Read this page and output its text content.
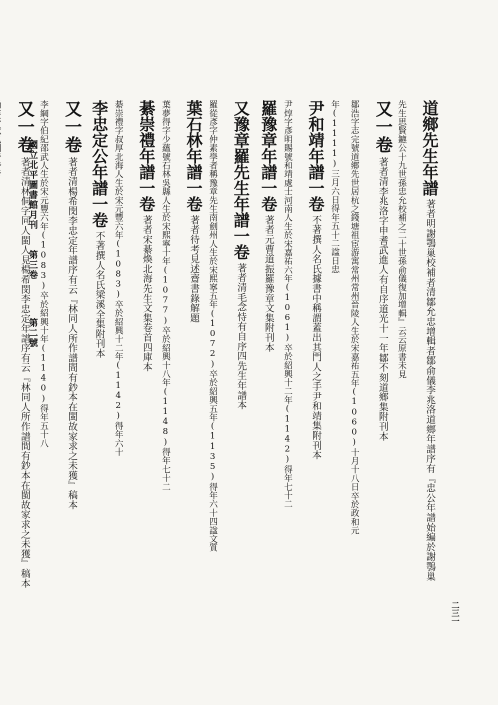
道鄉先生年譜著者明謝鶚巢校補者清鄒允忠增輯者鄒俞儀李兆洛道鄉年譜序有『忠公年譜始編於謝鶚巢
先生思賢鑣公十九世孫忠允校補之二十世孫俞儀復加增輯』云云原書未見
又一卷著者清李兆洛字申耆武進人有自序道光十一年鄒不刻道鄉集附刊本
鄒浩字志完號道鄉先世居杭之錢塘祖宦游寓常州常州晉陵人生於宋嘉祐五年(1060)十月十八日卒於政和元
年(1111)三月六日得年五十二諡日忠
尹和靖年譜一卷不著撰人名氏據書中稱謂蓋出其門人之手尹和靖集附刊本
尹焞字彥明賜號和靖處士河南人生於宋嘉祐六年(1061)卒於紹興十二年(1142)得年七十二
羅豫章年譜一卷著者元曹道振羅豫章文集附刊本
又豫章羅先生年譜一卷著者清毛念恃有自序四先生年譜本
羅從彥字仲素學者稱豫章先生南劍州人生於宋熙寧五年(1072)卒於紹興五年(1135)得年六十四諡文質
葉石林年譜一卷著者待考見述齋書錄解題
葉夢得字少蘊號石林吳縣人生於宋熙寧十年(1077)卒於紹興十八年(1148)得年七十二
綦崇禮年譜一卷著者宋綦煥北海先生文集卷首四庫本
綦崇禮字叔厚北海人生於宋元豐六年(1083)卒於紹興十二年(1142)得年六十
李忠定公年譜一卷不著撰人名氏梁溪全集附刊本
又一卷著者清楊希閔李忠定年譜序有云『林同人所作譜間有鈔本在閩故家求之未獲』稿本
李綱字伯紀邵武人生於宋元豐六年(1083)卒於紹興十年(1140)得年五十八
又一卷著者清林侗字同人閩人見楊希閔李忠定年譜序有云『林同人所作譜間有鈔本在閩故家求之未獲』稿本
國立北平圖書館月刊
第三卷
第二號
二三一
